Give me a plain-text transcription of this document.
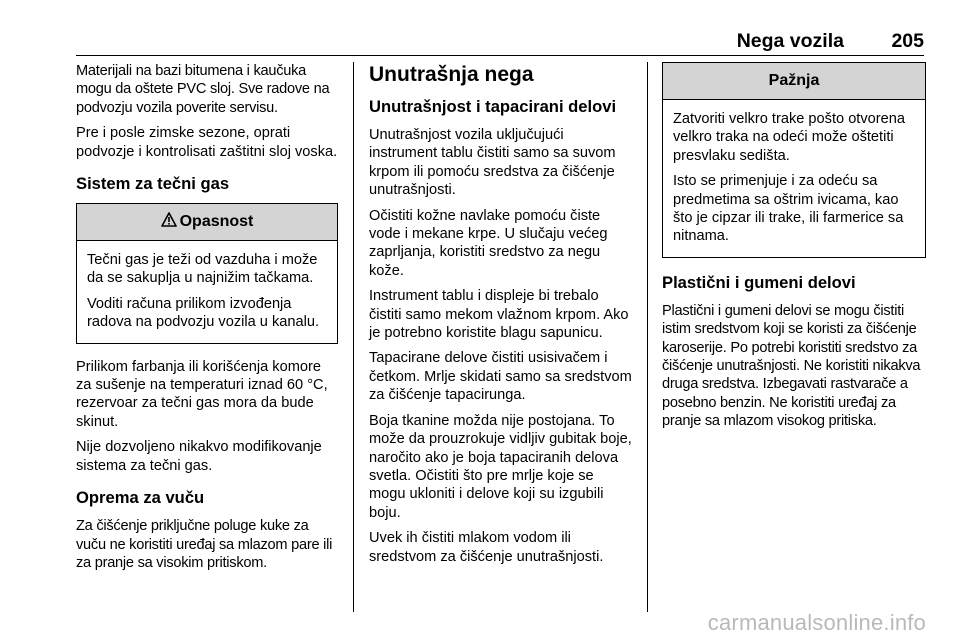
Nega vozila 205

Materijali na bazi bitumena i kaučuka mogu da oštete PVC sloj. Sve radove na podvozju vozila poverite servisu.

Pre i posle zimske sezone, oprati podvozje i kontrolisati zaštitni sloj voska.

Sistem za tečni gas
Opasnost

Tečni gas je teži od vazduha i može da se sakuplja u najnižim tačkama.

Voditi računa prilikom izvođenja radova na podvozju vozila u kanalu.

Prilikom farbanja ili korišćenja komore za sušenje na temperaturi iznad 60 °C, rezervoar za tečni gas mora da bude skinut.

Nije dozvoljeno nikakvo modifikovanje sistema za tečni gas.

Oprema za vuču

Za čišćenje priključne poluge kuke za vuču ne koristiti uređaj sa mlazom pare ili za pranje sa visokim pritiskom.

Unutrašnja nega
Unutrašnjost i tapacirani delovi

Unutrašnjost vozila uključujući instrument tablu čistiti samo sa suvom krpom ili pomoću sredstva za čišćenje unutrašnjosti.

Očistiti kožne navlake pomoću čiste vode i mekane krpe. U slučaju većeg zaprljanja, koristiti sredstvo za negu kože.

Instrument tablu i displeje bi trebalo čistiti samo mekom vlažnom krpom. Ako je potrebno koristite blagu sapunicu.

Tapacirane delove čistiti usisivačem i četkom. Mrlje skidati samo sa sredstvom za čišćenje tapacirunga.

Boja tkanine možda nije postojana. To može da prouzrokuje vidljiv gubitak boje, naročito ako je boja tapaciranih delova svetla. Očistiti što pre mrlje koje se mogu ukloniti i delove koji su izgubili boju.

Uvek ih čistiti mlakom vodom ili sredstvom za čišćenje unutrašnjosti.

Pažnja

Zatvoriti velkro trake pošto otvorena velkro traka na odeći može oštetiti presvlaku sedišta.

Isto se primenjuje i za odeću sa predmetima sa oštrim ivicama, kao što je cipzar ili trake, ili farmerice sa nitnama.

Plastični i gumeni delovi

Plastični i gumeni delovi se mogu čistiti istim sredstvom koji se koristi za čišćenje karoserije. Po potrebi koristiti sredstvo za čišćenje unutrašnjosti. Ne koristiti nikakva druga sredstva. Izbegavati rastvarače a posebno benzin. Ne koristiti uređaj za pranje sa mlazom visokog pritiska.

carmanualsonline.info
